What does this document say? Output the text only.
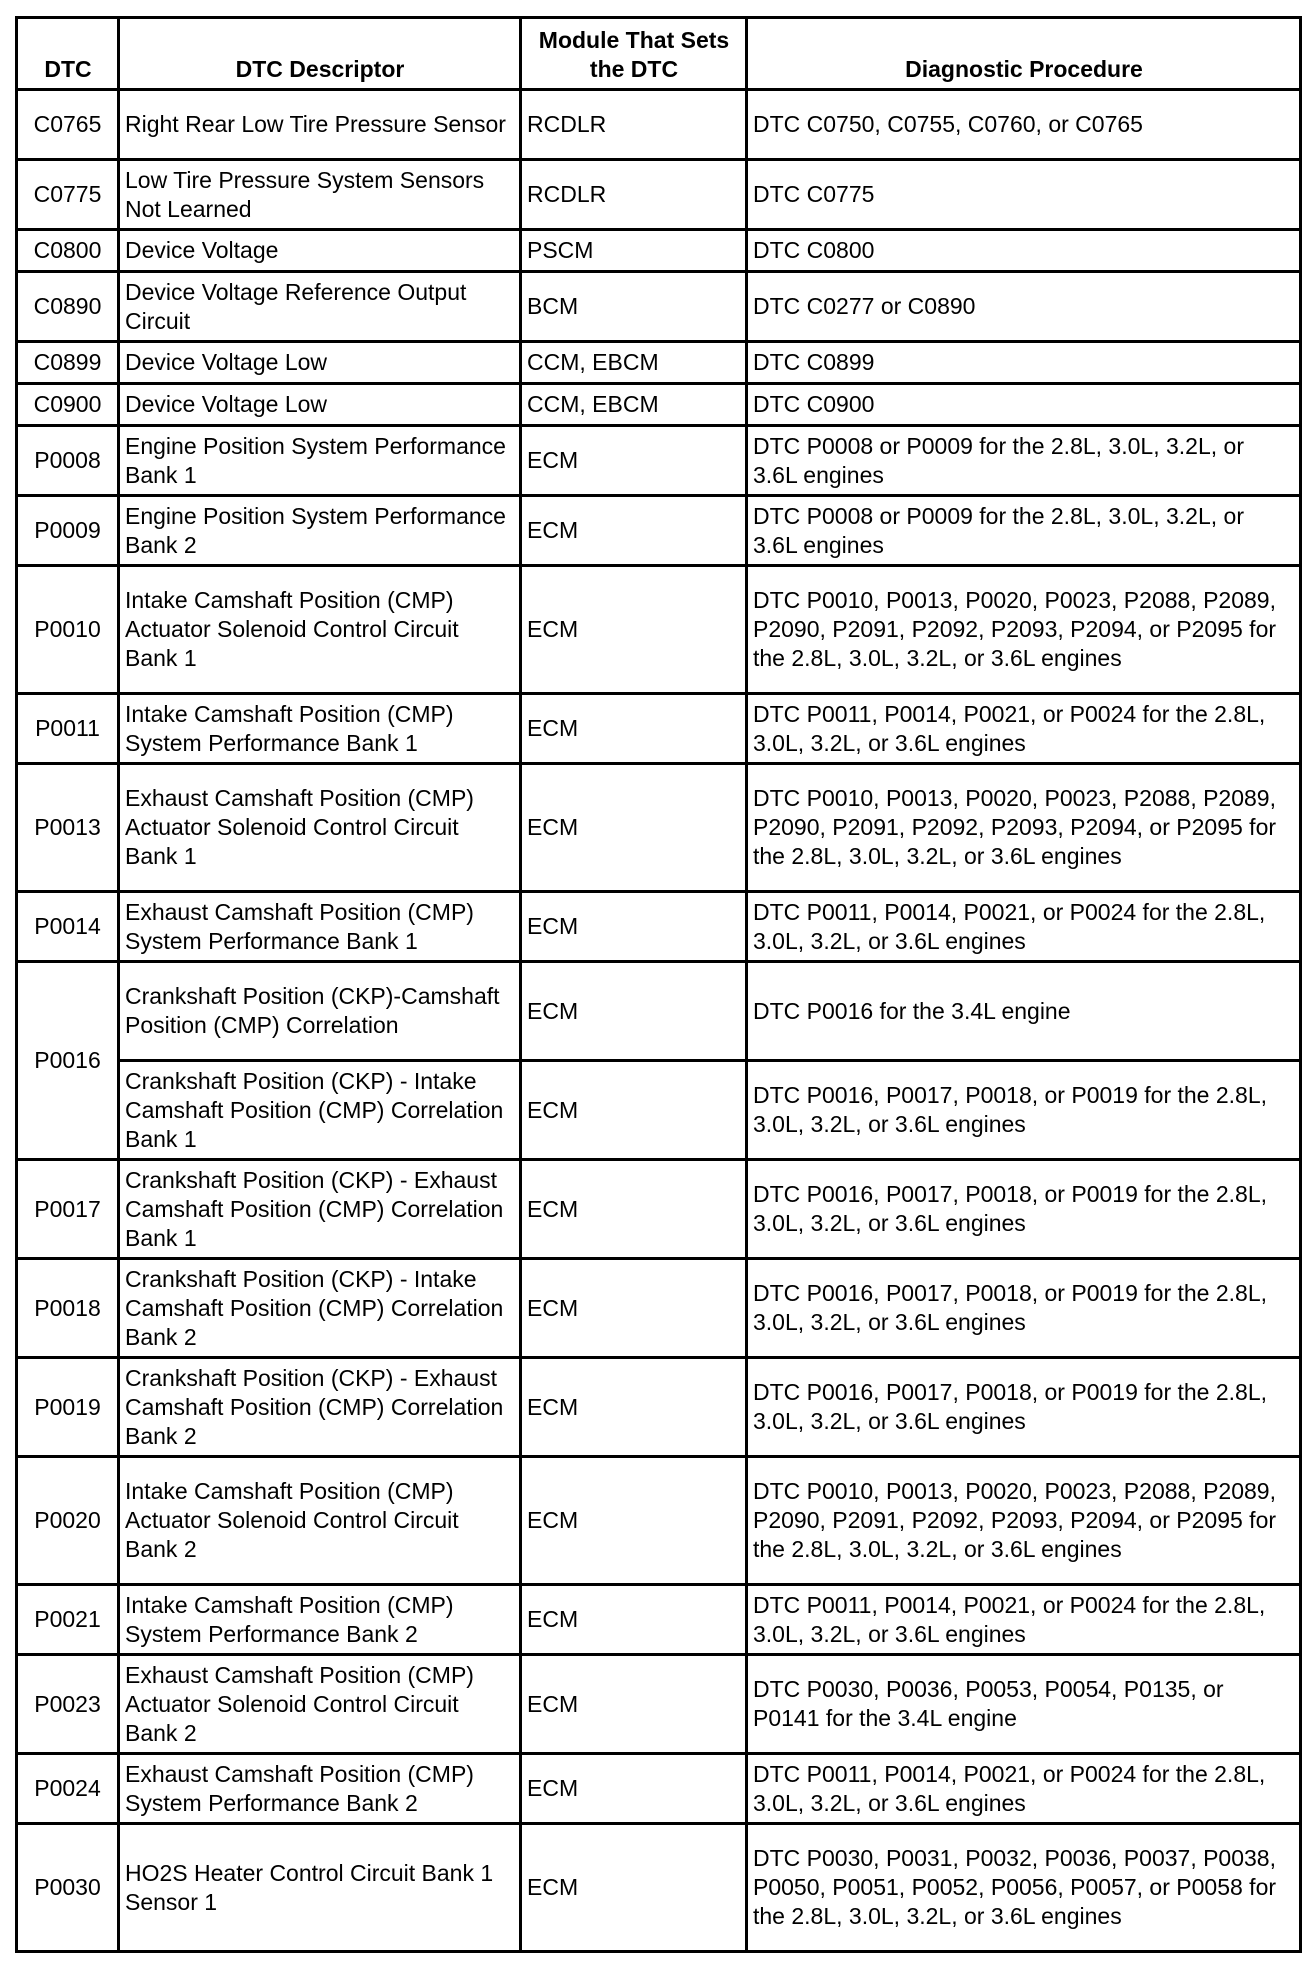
DTC	DTC Descriptor	Module That Sets the DTC	Diagnostic Procedure
C0765	Right Rear Low Tire Pressure Sensor	RCDLR	DTC C0750, C0755, C0760, or C0765
C0775	Low Tire Pressure System Sensors Not Learned	RCDLR	DTC C0775
C0800	Device Voltage	PSCM	DTC C0800
C0890	Device Voltage Reference Output Circuit	BCM	DTC C0277 or C0890
C0899	Device Voltage Low	CCM, EBCM	DTC C0899
C0900	Device Voltage Low	CCM, EBCM	DTC C0900
P0008	Engine Position System Performance Bank 1	ECM	DTC P0008 or P0009 for the 2.8L, 3.0L, 3.2L, or 3.6L engines
P0009	Engine Position System Performance Bank 2	ECM	DTC P0008 or P0009 for the 2.8L, 3.0L, 3.2L, or 3.6L engines
P0010	Intake Camshaft Position (CMP) Actuator Solenoid Control Circuit Bank 1	ECM	DTC P0010, P0013, P0020, P0023, P2088, P2089, P2090, P2091, P2092, P2093, P2094, or P2095 for the 2.8L, 3.0L, 3.2L, or 3.6L engines
P0011	Intake Camshaft Position (CMP) System Performance Bank 1	ECM	DTC P0011, P0014, P0021, or P0024 for the 2.8L, 3.0L, 3.2L, or 3.6L engines
P0013	Exhaust Camshaft Position (CMP) Actuator Solenoid Control Circuit Bank 1	ECM	DTC P0010, P0013, P0020, P0023, P2088, P2089, P2090, P2091, P2092, P2093, P2094, or P2095 for the 2.8L, 3.0L, 3.2L, or 3.6L engines
P0014	Exhaust Camshaft Position (CMP) System Performance Bank 1	ECM	DTC P0011, P0014, P0021, or P0024 for the 2.8L, 3.0L, 3.2L, or 3.6L engines
P0016	Crankshaft Position (CKP)-Camshaft Position (CMP) Correlation	ECM	DTC P0016 for the 3.4L engine
	Crankshaft Position (CKP) - Intake Camshaft Position (CMP) Correlation Bank 1	ECM	DTC P0016, P0017, P0018, or P0019 for the 2.8L, 3.0L, 3.2L, or 3.6L engines
P0017	Crankshaft Position (CKP) - Exhaust Camshaft Position (CMP) Correlation Bank 1	ECM	DTC P0016, P0017, P0018, or P0019 for the 2.8L, 3.0L, 3.2L, or 3.6L engines
P0018	Crankshaft Position (CKP) - Intake Camshaft Position (CMP) Correlation Bank 2	ECM	DTC P0016, P0017, P0018, or P0019 for the 2.8L, 3.0L, 3.2L, or 3.6L engines
P0019	Crankshaft Position (CKP) - Exhaust Camshaft Position (CMP) Correlation Bank 2	ECM	DTC P0016, P0017, P0018, or P0019 for the 2.8L, 3.0L, 3.2L, or 3.6L engines
P0020	Intake Camshaft Position (CMP) Actuator Solenoid Control Circuit Bank 2	ECM	DTC P0010, P0013, P0020, P0023, P2088, P2089, P2090, P2091, P2092, P2093, P2094, or P2095 for the 2.8L, 3.0L, 3.2L, or 3.6L engines
P0021	Intake Camshaft Position (CMP) System Performance Bank 2	ECM	DTC P0011, P0014, P0021, or P0024 for the 2.8L, 3.0L, 3.2L, or 3.6L engines
P0023	Exhaust Camshaft Position (CMP) Actuator Solenoid Control Circuit Bank 2	ECM	DTC P0030, P0036, P0053, P0054, P0135, or P0141 for the 3.4L engine
P0024	Exhaust Camshaft Position (CMP) System Performance Bank 2	ECM	DTC P0011, P0014, P0021, or P0024 for the 2.8L, 3.0L, 3.2L, or 3.6L engines
P0030	HO2S Heater Control Circuit Bank 1 Sensor 1	ECM	DTC P0030, P0031, P0032, P0036, P0037, P0038, P0050, P0051, P0052, P0056, P0057, or P0058 for the 2.8L, 3.0L, 3.2L, or 3.6L engines
